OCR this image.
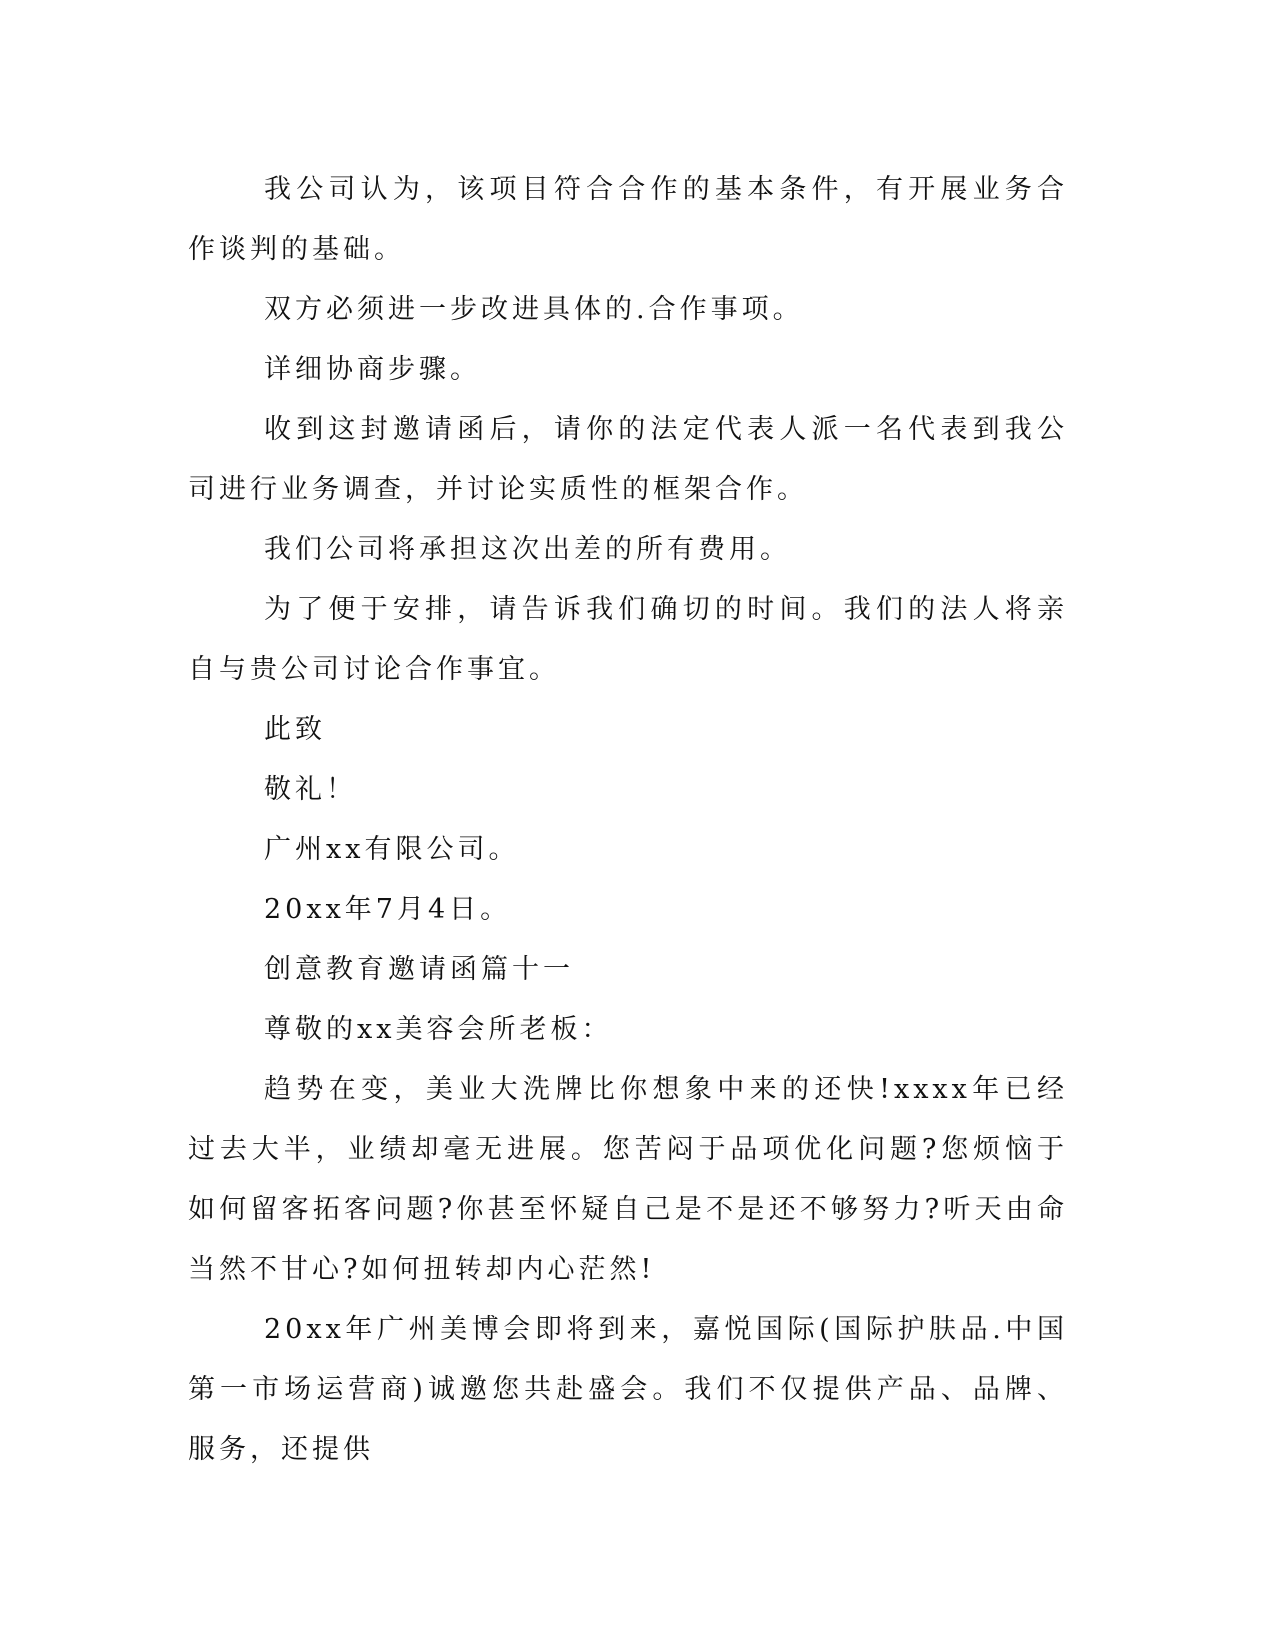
我公司认为，该项目符合合作的基本条件，有开展业务合作谈判的基础。

双方必须进一步改进具体的.合作事项。

详细协商步骤。

收到这封邀请函后，请你的法定代表人派一名代表到我公司进行业务调查，并讨论实质性的框架合作。

我们公司将承担这次出差的所有费用。

为了便于安排，请告诉我们确切的时间。我们的法人将亲自与贵公司讨论合作事宜。

此致

敬礼！

广州xx有限公司。

20xx年7月4日。

创意教育邀请函篇十一

尊敬的xx美容会所老板：

趋势在变，美业大洗牌比你想象中来的还快!xxxx年已经过去大半，业绩却毫无进展。您苦闷于品项优化问题?您烦恼于如何留客拓客问题?你甚至怀疑自己是不是还不够努力?听天由命当然不甘心?如何扭转却内心茫然!

20xx年广州美博会即将到来，嘉悦国际(国际护肤品.中国第一市场运营商)诚邀您共赴盛会。我们不仅提供产品、品牌、服务，还提供
